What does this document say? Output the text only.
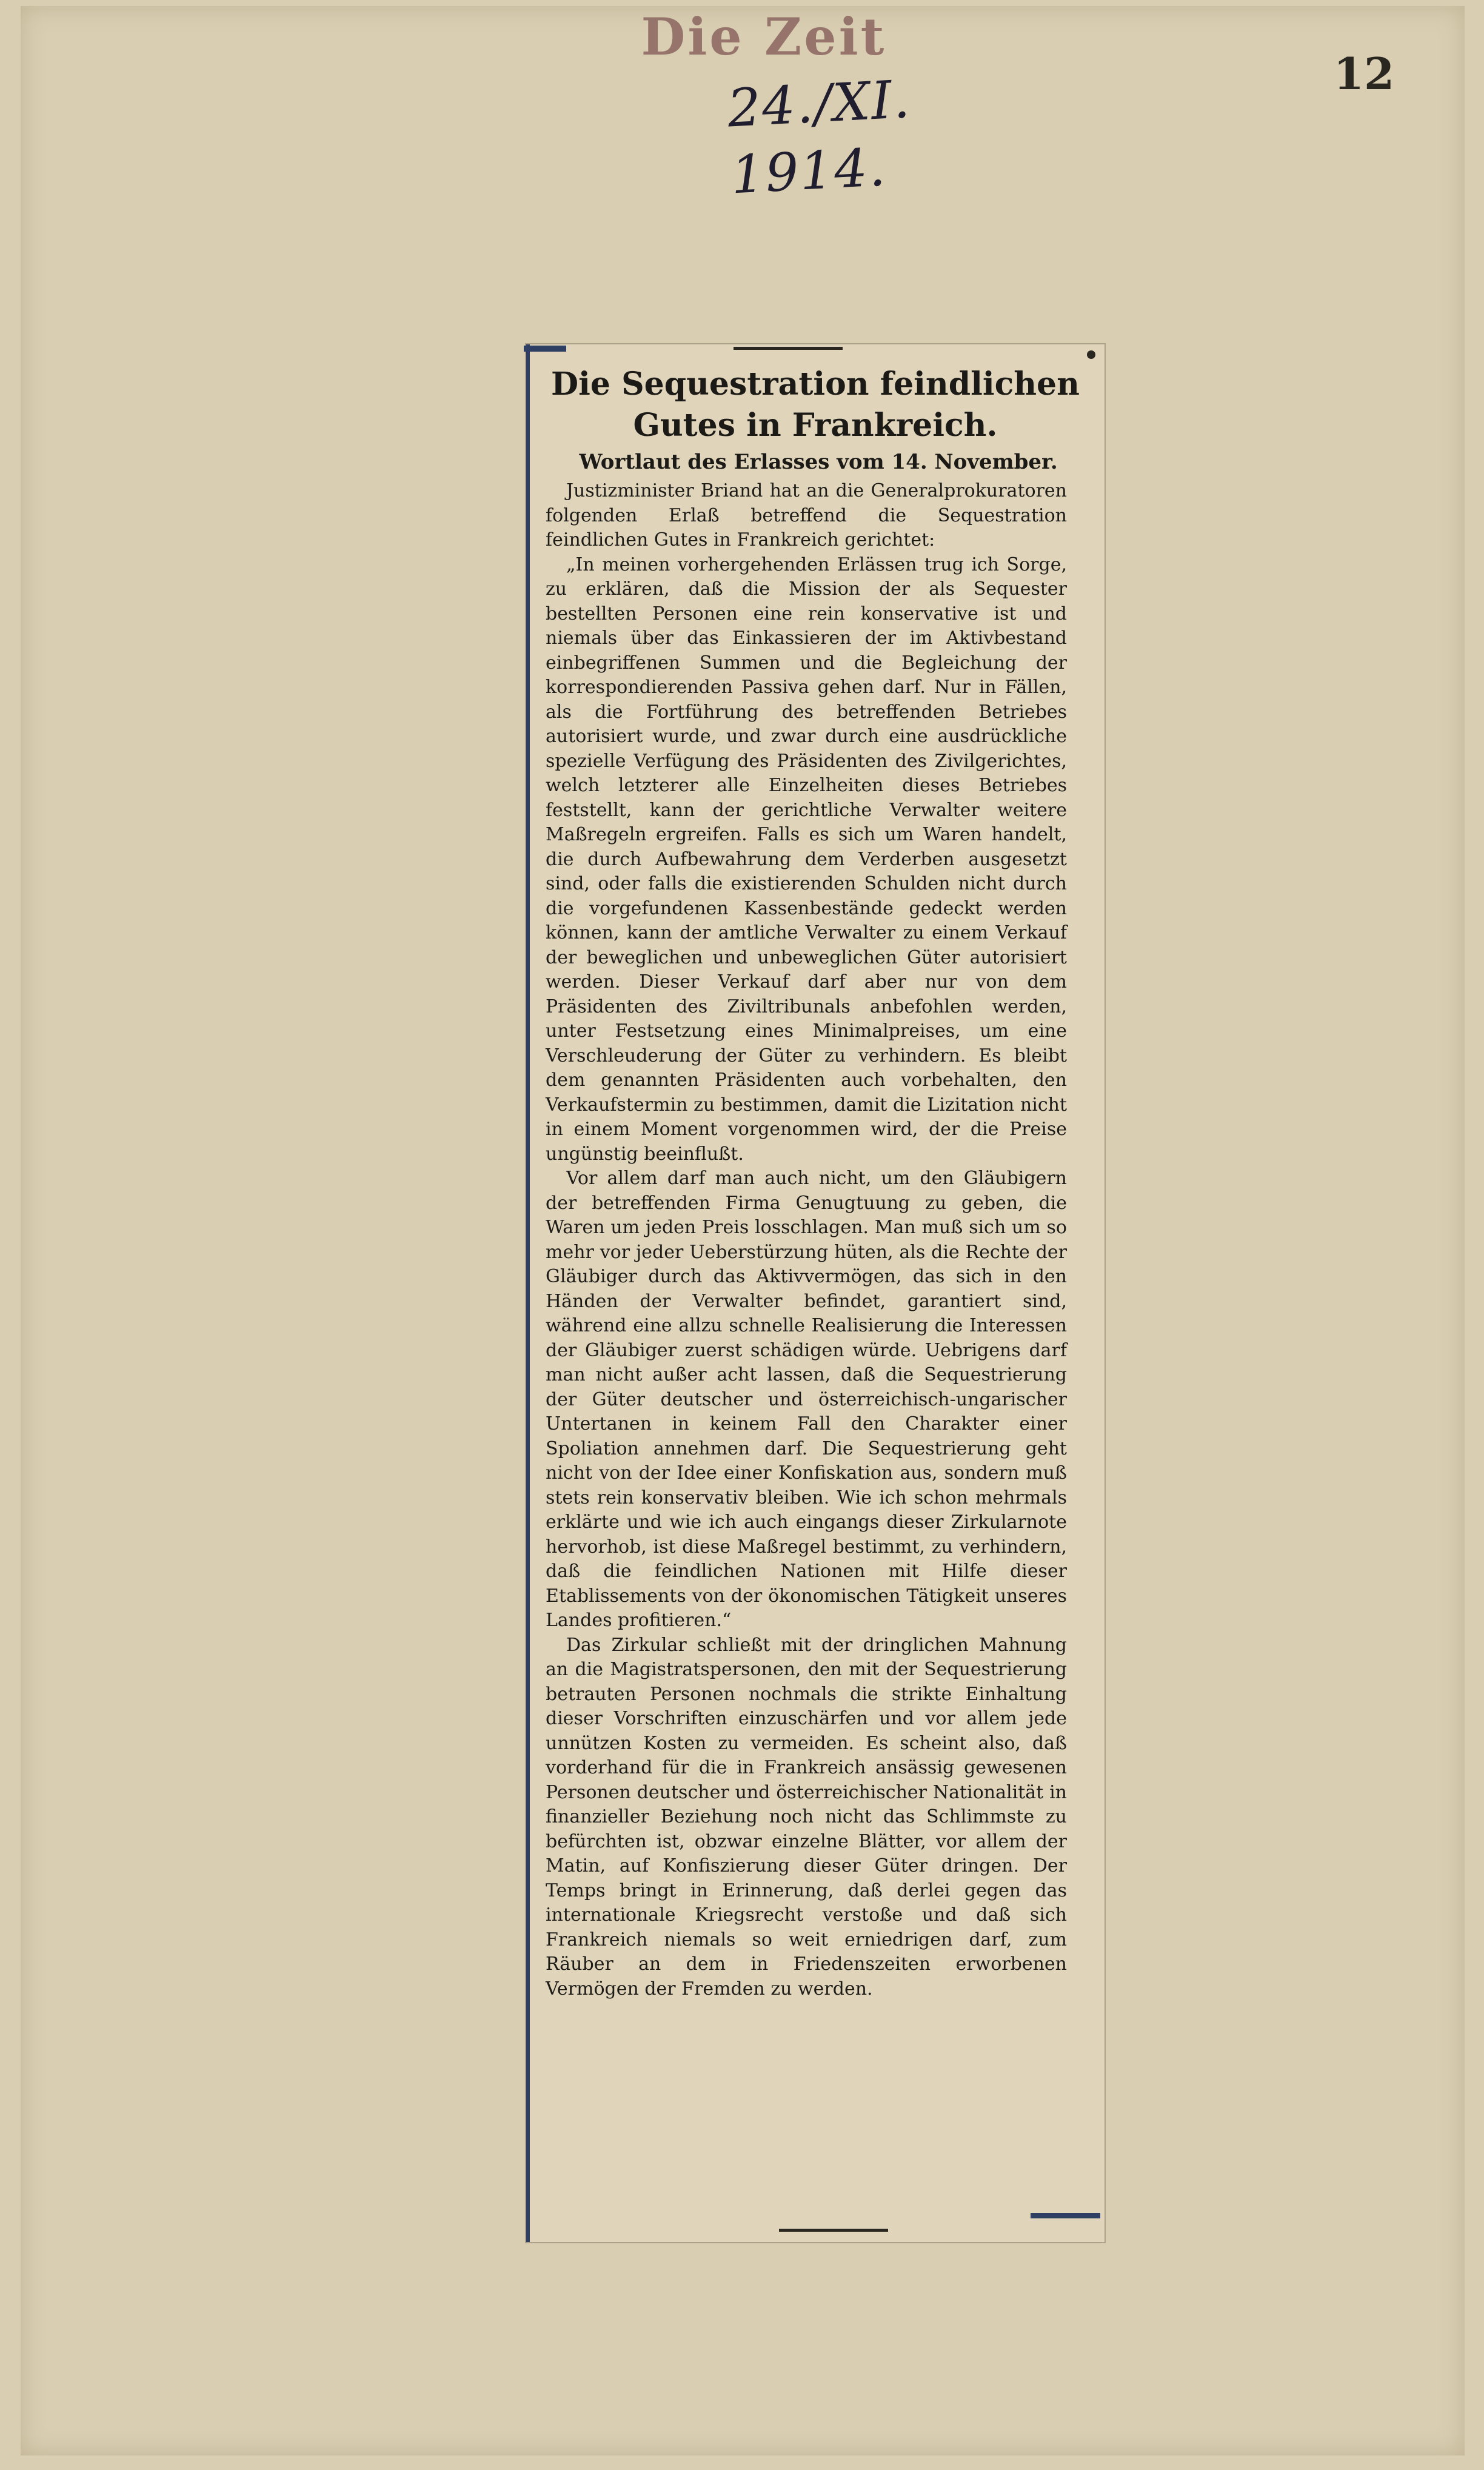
Die Zeit
24./XI. 1914.
12
Die Sequestration feindlichen Gutes in Frankreich.
Wortlaut des Erlasses vom 14. November.

Justizminister Briand hat an die Generalprokuratoren folgenden Erlaß betreffend die Sequestration feindlichen Gutes in Frankreich gerichtet:

„In meinen vorhergehenden Erlässen trug ich Sorge, zu erklären, daß die Mission der als Sequester bestellten Personen eine rein konservative ist und niemals über das Einkassieren der im Aktivbestand einbegriffenen Summen und die Begleichung der korrespondierenden Passiva gehen darf. Nur in Fällen, als die Fortführung des betreffenden Betriebes autorisiert wurde, und zwar durch eine ausdrückliche spezielle Verfügung des Präsidenten des Zivilgerichtes, welch letzterer alle Einzelheiten dieses Betriebes feststellt, kann der gerichtliche Verwalter weitere Maßregeln ergreifen. Falls es sich um Waren handelt, die durch Aufbewahrung dem Verderben ausgesetzt sind, oder falls die existierenden Schulden nicht durch die vorgefundenen Kassenbestände gedeckt werden können, kann der amtliche Verwalter zu einem Verkauf der beweglichen und unbeweglichen Güter autorisiert werden. Dieser Verkauf darf aber nur von dem Präsidenten des Ziviltribunals anbefohlen werden, unter Festsetzung eines Minimalpreises, um eine Verschleuderung der Güter zu verhindern. Es bleibt dem genannten Präsidenten auch vorbehalten, den Verkaufstermin zu bestimmen, damit die Lizitation nicht in einem Moment vorgenommen wird, der die Preise ungünstig beeinflußt.

Vor allem darf man auch nicht, um den Gläubigern der betreffenden Firma Genugtuung zu geben, die Waren um jeden Preis losschlagen. Man muß sich um so mehr vor jeder Ueberstürzung hüten, als die Rechte der Gläubiger durch das Aktivvermögen, das sich in den Händen der Verwalter befindet, garantiert sind, während eine allzu schnelle Realisierung die Interessen der Gläubiger zuerst schädigen würde. Uebrigens darf man nicht außer acht lassen, daß die Sequestrierung der Güter deutscher und österreichisch-ungarischer Untertanen in keinem Fall den Charakter einer Spoliation annehmen darf. Die Sequestrierung geht nicht von der Idee einer Konfiskation aus, sondern muß stets rein konservativ bleiben. Wie ich schon mehrmals erklärte und wie ich auch eingangs dieser Zirkularnote hervorhob, ist diese Maßregel bestimmt, zu verhindern, daß die feindlichen Nationen mit Hilfe dieser Etablissements von der ökonomischen Tätigkeit unseres Landes profitieren.“

Das Zirkular schließt mit der dringlichen Mahnung an die Magistratspersonen, den mit der Sequestrierung betrauten Personen nochmals die strikte Einhaltung dieser Vorschriften einzuschärfen und vor allem jede unnützen Kosten zu vermeiden. Es scheint also, daß vorderhand für die in Frankreich ansässig gewesenen Personen deutscher und österreichischer Nationalität in finanzieller Beziehung noch nicht das Schlimmste zu befürchten ist, obzwar einzelne Blätter, vor allem der Matin, auf Konfiszierung dieser Güter dringen. Der Temps bringt in Erinnerung, daß derlei gegen das internationale Kriegsrecht verstoße und daß sich Frankreich niemals so weit erniedrigen darf, zum Räuber an dem in Friedenszeiten erworbenen Vermögen der Fremden zu werden.
